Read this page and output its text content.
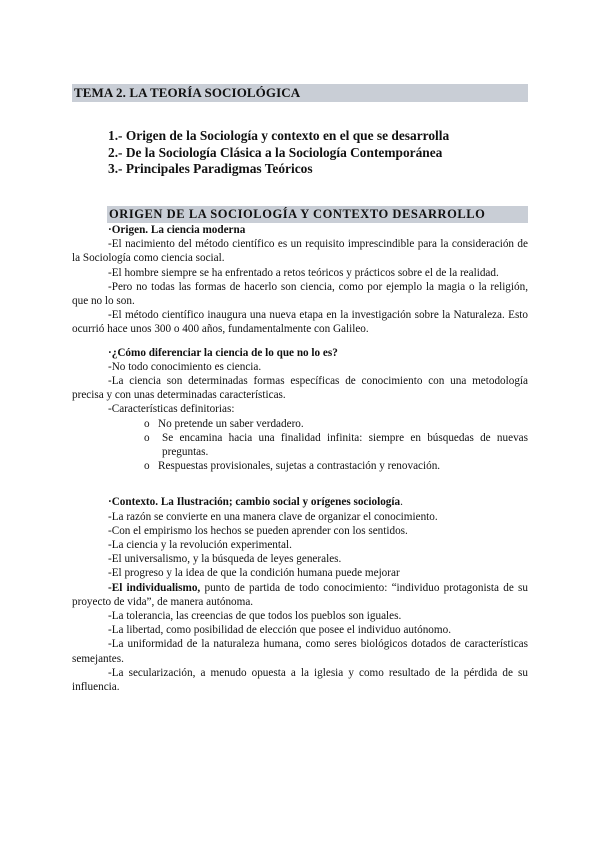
TEMA 2. LA TEORÍA SOCIOLÓGICA
1.- Origen de la Sociología y contexto en el que se desarrolla
2.- De la Sociología Clásica a la Sociología Contemporánea
3.- Principales Paradigmas Teóricos
ORIGEN DE LA SOCIOLOGÍA Y CONTEXTO DESARROLLO

·Origen. La ciencia moderna

-El nacimiento del método científico es un requisito imprescindible para la consideración de la Sociología como ciencia social.

-El hombre siempre se ha enfrentado a retos teóricos y prácticos sobre el de la realidad.

-Pero no todas las formas de hacerlo son ciencia, como por ejemplo la magia o la religión, que no lo son.

-El método científico inaugura una nueva etapa en la investigación sobre la Naturaleza. Esto ocurrió hace unos 300 o 400 años, fundamentalmente con Galileo.

·¿Cómo diferenciar la ciencia de lo que no lo es?

-No todo conocimiento es ciencia.

-La ciencia son determinadas formas específicas de conocimiento con una metodología precisa y con unas determinadas características.

-Características definitorias:

o No pretende un saber verdadero.
o	Se encamina hacia una finalidad infinita: siempre en búsquedas de nuevas preguntas.
o Respuestas provisionales, sujetas a contrastación y renovación.

·Contexto. La Ilustración; cambio social y orígenes sociología.

-La razón se convierte en una manera clave de organizar el conocimiento.

-Con el empirismo los hechos se pueden aprender con los sentidos.

-La ciencia y la revolución experimental.

-El universalismo, y la búsqueda de leyes generales.

-El progreso y la idea de que la condición humana puede mejorar

-El individualismo, punto de partida de todo conocimiento: “individuo protagonista de su proyecto de vida”, de manera autónoma.

-La tolerancia, las creencias de que todos los pueblos son iguales.

-La libertad, como posibilidad de elección que posee el individuo autónomo.

-La uniformidad de la naturaleza humana, como seres biológicos dotados de características semejantes.

-La secularización, a menudo opuesta a la iglesia y como resultado de la pérdida de su influencia.
